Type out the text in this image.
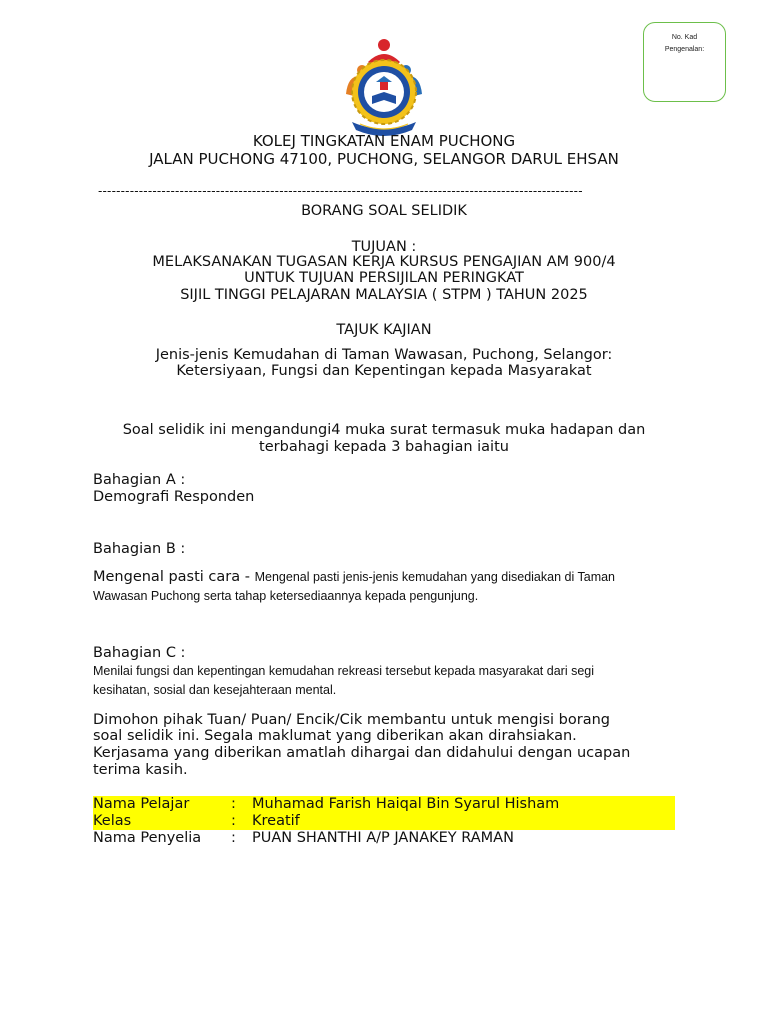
No. Kad
Pengenalan:
KOLEJ TINGKATAN ENAM PUCHONG
JALAN PUCHONG 47100, PUCHONG, SELANGOR DARUL EHSAN
-----------------------------------------------------------------------------------------------------------
BORANG SOAL SELIDIK
TUJUAN :
MELAKSANAKAN TUGASAN KERJA KURSUS PENGAJIAN AM 900/4
UNTUK TUJUAN PERSIJILAN PERINGKAT
SIJIL TINGGI PELAJARAN MALAYSIA ( STPM ) TAHUN 2025
TAJUK KAJIAN
Jenis-jenis Kemudahan di Taman Wawasan, Puchong, Selangor:
Ketersiyaan, Fungsi dan Kepentingan kepada Masyarakat
Soal selidik ini mengandungi4 muka surat termasuk muka hadapan dan
terbahagi kepada 3 bahagian iaitu
Bahagian A :
Demografi Responden
Bahagian B :
Mengenal pasti cara - Mengenal pasti jenis-jenis kemudahan yang disediakan di Taman
Wawasan Puchong serta tahap ketersediaannya kepada pengunjung.
Bahagian C :
Menilai fungsi dan kepentingan kemudahan rekreasi tersebut kepada masyarakat dari segi
kesihatan, sosial dan kesejahteraan mental.
Dimohon pihak Tuan/ Puan/ Encik/Cik membantu untuk mengisi borang
soal selidik ini. Segala maklumat yang diberikan akan dirahsiakan.
Kerjasama yang diberikan amatlah dihargai dan didahului dengan ucapan
terima kasih.
Nama Pelajar	: Muhamad Farish Haiqal Bin Syarul Hisham
Kelas	: Kreatif
Nama Penyelia : PUAN SHANTHI A/P JANAKEY RAMAN
